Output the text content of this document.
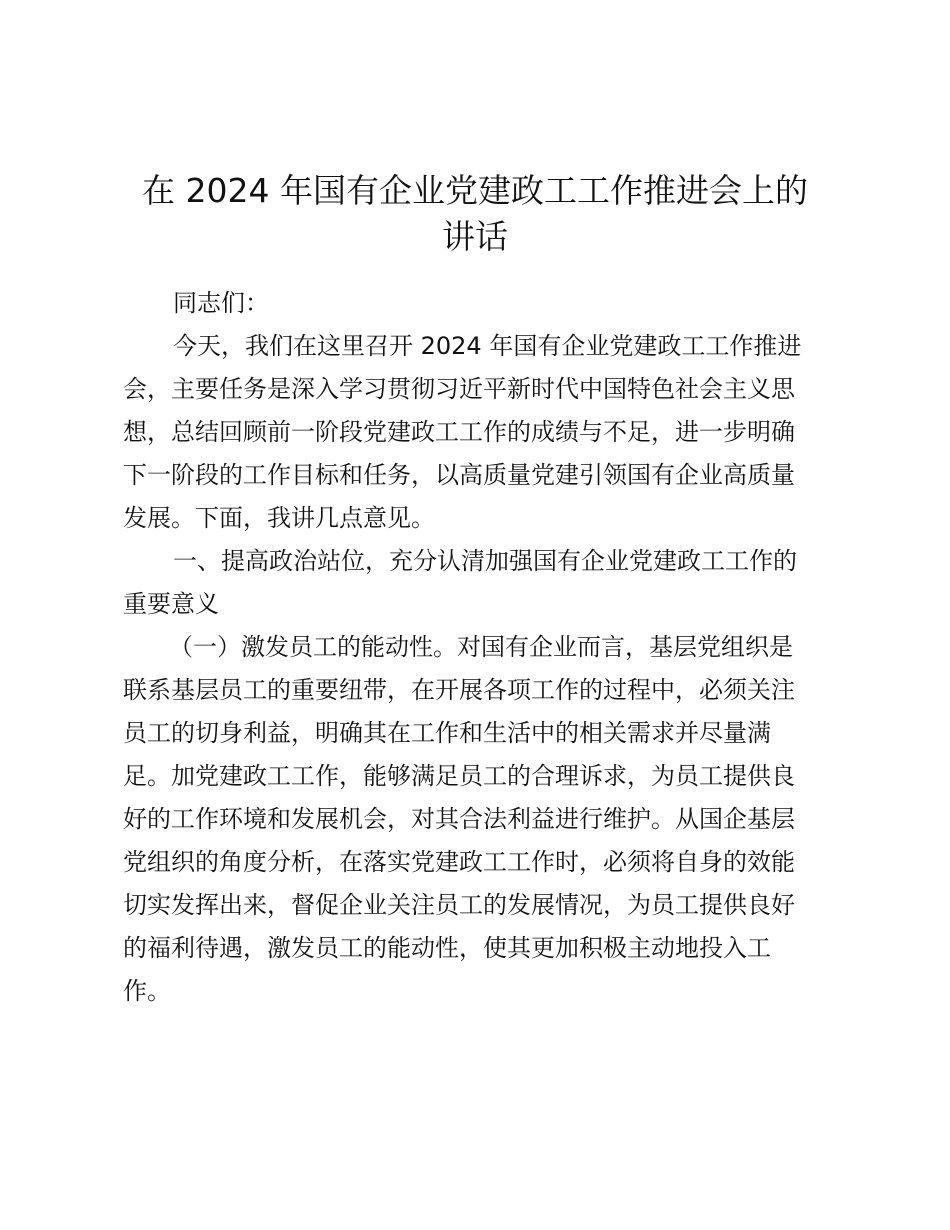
在 2024 年国有企业党建政工工作推进会上的
讲话
同志们：
今天，我们在这里召开 2024 年国有企业党建政工工作推进
会，主要任务是深入学习贯彻习近平新时代中国特色社会主义思
想，总结回顾前一阶段党建政工工作的成绩与不足，进一步明确
下一阶段的工作目标和任务，以高质量党建引领国有企业高质量
发展。下面，我讲几点意见。
一、提高政治站位，充分认清加强国有企业党建政工工作的
重要意义
（一）激发员工的能动性。对国有企业而言，基层党组织是
联系基层员工的重要纽带，在开展各项工作的过程中，必须关注
员工的切身利益，明确其在工作和生活中的相关需求并尽量满
足。加党建政工工作，能够满足员工的合理诉求，为员工提供良
好的工作环境和发展机会，对其合法利益进行维护。从国企基层
党组织的角度分析，在落实党建政工工作时，必须将自身的效能
切实发挥出来，督促企业关注员工的发展情况，为员工提供良好
的福利待遇，激发员工的能动性，使其更加积极主动地投入工
作。
